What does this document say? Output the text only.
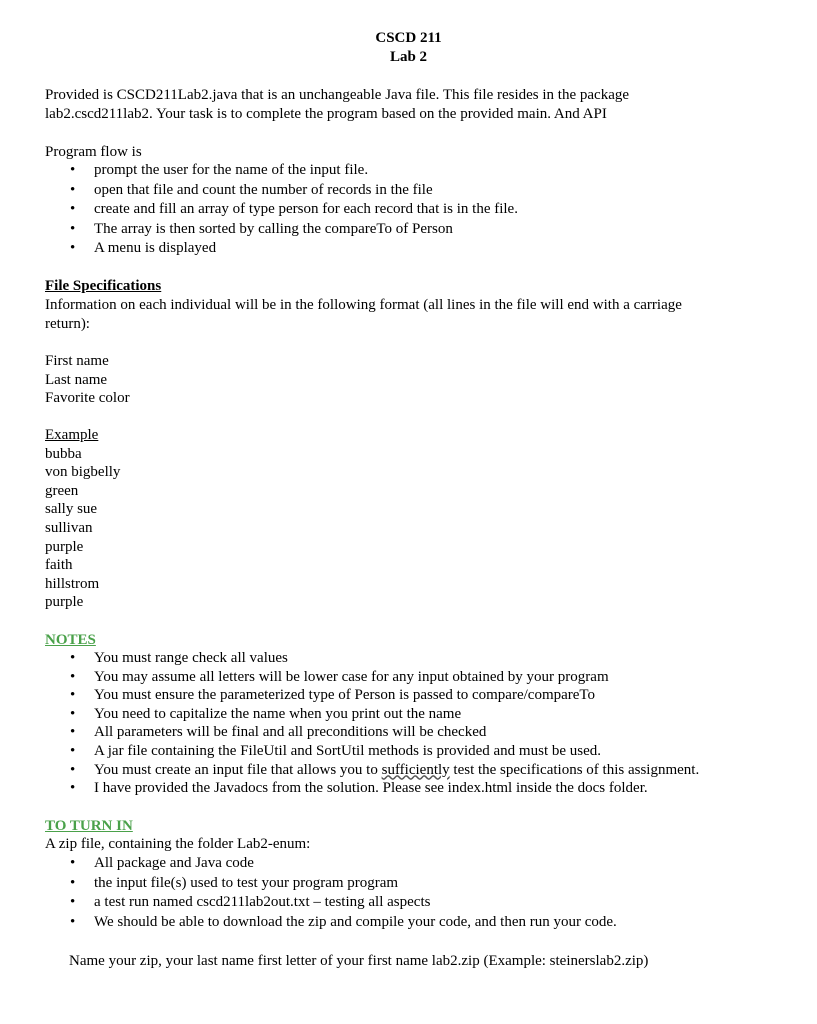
CSCD 211
Lab 2
Provided is CSCD211Lab2.java that is an unchangeable Java file. This file resides in the package
lab2.cscd211lab2. Your task is to complete the program based on the provided main. And API
Program flow is
• prompt the user for the name of the input file.
• open that file and count the number of records in the file
• create and fill an array of type person for each record that is in the file.
• The array is then sorted by calling the compareTo of Person
• A menu is displayed
File Specifications
Information on each individual will be in the following format (all lines in the file will end with a carriage
return):
First name
Last name
Favorite color
Example
bubba
von bigbelly
green
sally sue
sullivan
purple
faith
hillstrom
purple
NOTES
• You must range check all values
• You may assume all letters will be lower case for any input obtained by your program
• You must ensure the parameterized type of Person is passed to compare/compareTo
• You need to capitalize the name when you print out the name
• All parameters will be final and all preconditions will be checked
• A jar file containing the FileUtil and SortUtil methods is provided and must be used.
• You must create an input file that allows you to sufficiently test the specifications of this assignment.
• I have provided the Javadocs from the solution. Please see index.html inside the docs folder.
TO TURN IN
A zip file, containing the folder Lab2-enum:
• All package and Java code
• the input file(s) used to test your program program
• a test run named cscd211lab2out.txt – testing all aspects
• We should be able to download the zip and compile your code, and then run your code.
Name your zip, your last name first letter of your first name lab2.zip (Example: steinerslab2.zip)
